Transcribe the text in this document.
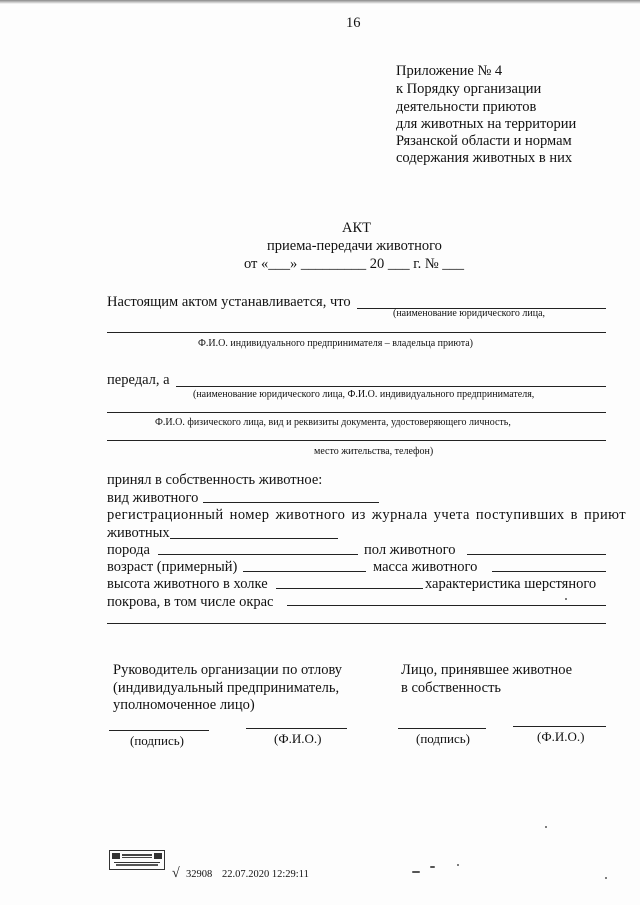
16
Приложение № 4
к Порядку организации
деятельности приютов
для животных на территории
Рязанской области и нормам
содержания животных в них
АКТ
приема-передачи животного
от «___» _________ 20 ___ г. № ___
Настоящим актом устанавливается, что
(наименование юридического лица,
Ф.И.О. индивидуального предпринимателя – владельца приюта)
передал, а
(наименование юридического лица, Ф.И.О. индивидуального предпринимателя,
Ф.И.О. физического лица, вид и реквизиты документа, удостоверяющего личность,
место жительства, телефон)
принял в собственность животное:
вид животного
регистрационный номер животного из журнала учета поступивших в приют
животных
порода	пол животного
возраст (примерный)	масса животного
высота животного в холке	характеристика шерстяного
покрова, в том числе окрас
Руководитель организации по отлову
(индивидуальный предприниматель,
уполномоченное лицо)
Лицо, принявшее животное
в собственность
(подпись)	(Ф.И.О.)	(подпись)	(Ф.И.О.)
√ 32908 22.07.2020 12:29:11
